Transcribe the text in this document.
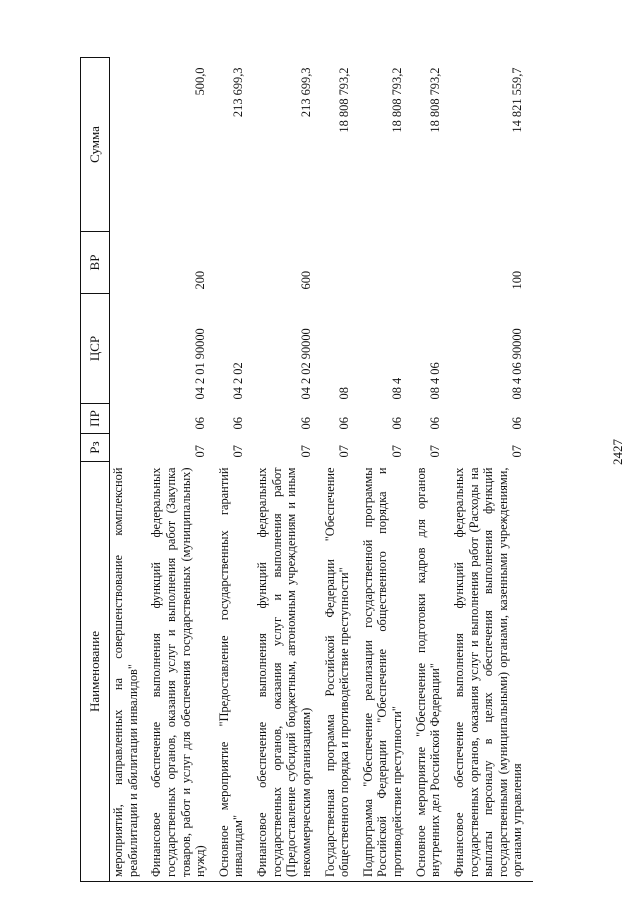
2427
Наименование	Рз	ПР	ЦСР	ВР	Сумма
мероприятий, направленных на совершенствование комплексной реабилитации и абилитации инвалидов"					
Финансовое обеспечение выполнения функций федеральных государственных органов, оказания услуг и выполнения работ (Закупка товаров, работ и услуг для обеспечения государственных (муниципальных) нужд)	07	06	04 2 01 90000	200	500,0
Основное мероприятие "Предоставление государственных гарантий инвалидам"	07	06	04 2 02		213 699,3
Финансовое обеспечение выполнения функций федеральных государственных органов, оказания услуг и выполнения работ (Предоставление субсидий бюджетным, автономным учреждениям и иным некоммерческим организациям)	07	06	04 2 02 90000	600	213 699,3
Государственная программа Российской Федерации "Обеспечение общественного порядка и противодействие преступности"	07	06	08		18 808 793,2
Подпрограмма "Обеспечение реализации государственной программы Российской Федерации "Обеспечение общественного порядка и противодействие преступности"	07	06	08 4		18 808 793,2
Основное мероприятие "Обеспечение подготовки кадров для органов внутренних дел Российской Федерации"	07	06	08 4 06		18 808 793,2
Финансовое обеспечение выполнения функций федеральных государственных органов, оказания услуг и выполнения работ (Расходы на выплаты персоналу в целях обеспечения выполнения функций государственными (муниципальными) органами, казенными учреждениями, органами управления	07	06	08 4 06 90000	100	14 821 559,7
